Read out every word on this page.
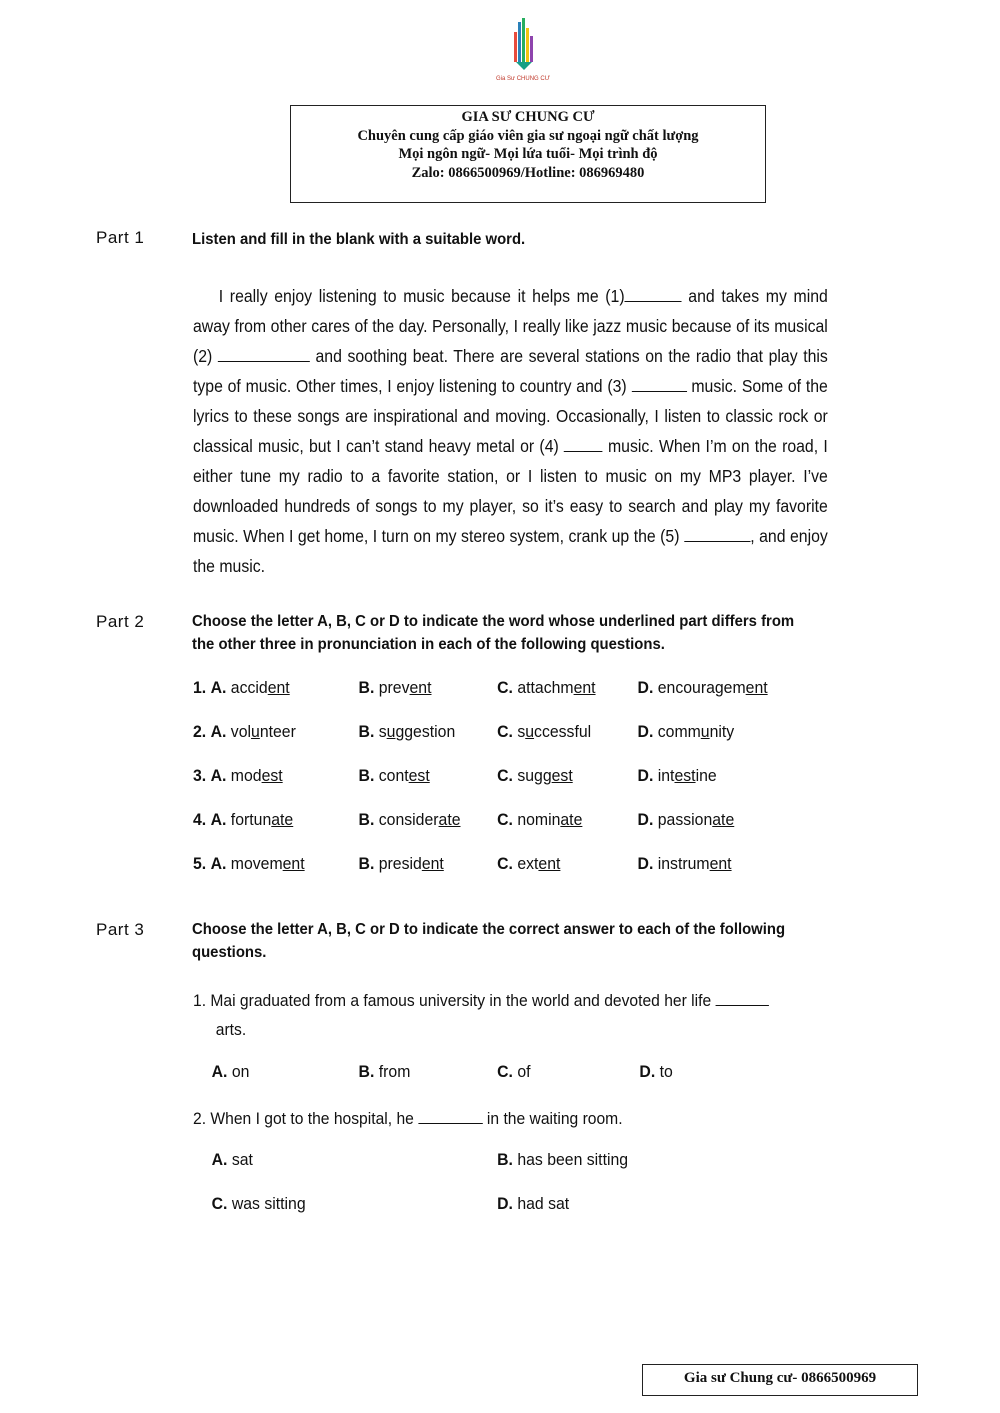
Gia Sư CHUNG CƯ
GIA SƯ CHUNG CƯ
Chuyên cung cấp giáo viên gia sư ngoại ngữ chất lượng
Mọi ngôn ngữ- Mọi lứa tuổi- Mọi trình độ
Zalo: 0866500969/Hotline: 086969480
Part 1	Listen and fill in the blank with a suitable word.
I really enjoy listening to music because it helps me (1)	and takes my mind away from other cares of the day. Personally, I really like jazz music because of its musical (2)	and soothing beat. There are several stations on the radio that play this type of music. Other times, I enjoy listening to country and (3)	music. Some of the lyrics to these songs are inspirational and moving. Occasionally, I listen to classic rock or classical music, but I can’t stand heavy metal or (4)  music. When I’m on the road, I either tune my radio to a favorite station, or I listen to music on my MP3 player. I’ve downloaded hundreds of songs to my player, so it’s easy to search and play my favorite music. When I get home, I turn on my stereo system, crank up the (5)	, and enjoy the music.
Part 2	Choose the letter A, B, C or D to indicate the word whose underlined part differs from the other three in pronunciation in each of the following questions.
1. A. accident	B. prevent	C. attachment D. encouragement
2. A. volunteer	B. suggestion C. successful	D. community
3. A. modest	B. contest	C. suggest	D. intestine
4. A. fortunate	B. considerate C. nominate	D. passionate
5. A. movement	B. president	C. extent	D. instrument
Part 3	Choose the letter A, B, C or D to indicate the correct answer to each of the following questions.
1. Mai graduated from a famous university in the world and devoted her life
arts.
A. on	B. from	C. of	D. to
2. When I got to the hospital, he	in the waiting room.
A. sat	B. has been sitting
C. was sitting	D. had sat
Gia sư Chung cư- 0866500969
